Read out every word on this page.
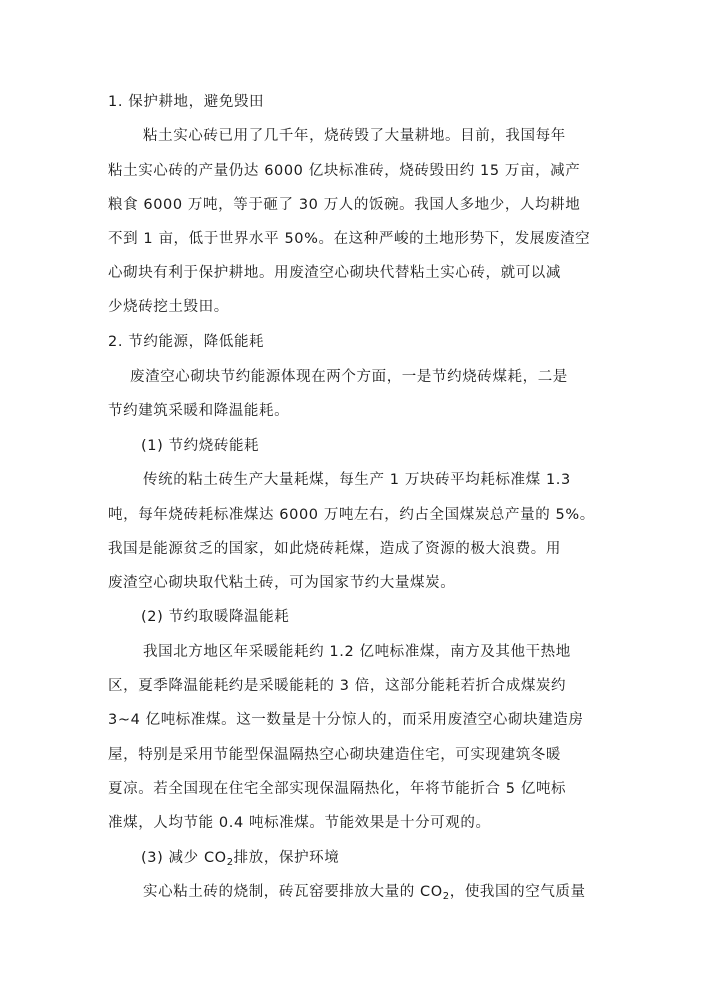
1. 保护耕地，避免毁田
粘土实心砖已用了几千年，烧砖毁了大量耕地。目前，我国每年
粘土实心砖的产量仍达 6000 亿块标准砖，烧砖毁田约 15 万亩，减产
粮食 6000 万吨，等于砸了 30 万人的饭碗。我国人多地少，人均耕地
不到 1 亩，低于世界水平 50%。在这种严峻的土地形势下，发展废渣空
心砌块有利于保护耕地。用废渣空心砌块代替粘土实心砖，就可以减
少烧砖挖土毁田。
2. 节约能源，降低能耗
废渣空心砌块节约能源体现在两个方面，一是节约烧砖煤耗，二是
节约建筑采暖和降温能耗。
(1) 节约烧砖能耗
传统的粘土砖生产大量耗煤，每生产 1 万块砖平均耗标准煤 1.3
吨，每年烧砖耗标准煤达 6000 万吨左右，约占全国煤炭总产量的 5%。
我国是能源贫乏的国家，如此烧砖耗煤，造成了资源的极大浪费。用
废渣空心砌块取代粘土砖，可为国家节约大量煤炭。
(2) 节约取暖降温能耗
我国北方地区年采暖能耗约 1.2 亿吨标准煤，南方及其他干热地
区，夏季降温能耗约是采暖能耗的 3 倍，这部分能耗若折合成煤炭约
3~4 亿吨标准煤。这一数量是十分惊人的，而采用废渣空心砌块建造房
屋，特别是采用节能型保温隔热空心砌块建造住宅，可实现建筑冬暖
夏凉。若全国现在住宅全部实现保温隔热化，年将节能折合 5 亿吨标
准煤，人均节能 0.4 吨标准煤。节能效果是十分可观的。
(3) 减少 $CO_2$排放，保护环境
实心粘土砖的烧制，砖瓦窑要排放大量的 $CO_2$，使我国的空气质量
